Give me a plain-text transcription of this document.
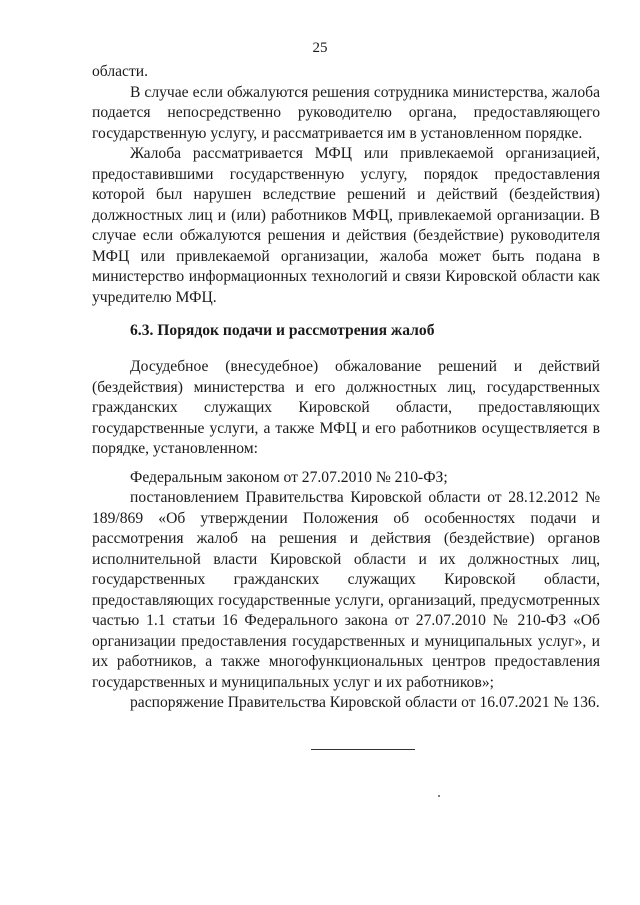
25

области.

В случае если обжалуются решения сотрудника министерства, жалоба подается непосредственно руководителю органа, предоставляющего государственную услугу, и рассматривается им в установленном порядке.

Жалоба рассматривается МФЦ или привлекаемой организацией, предоставившими государственную услугу, порядок предоставления которой был нарушен вследствие решений и действий (бездействия) должностных лиц и (или) работников МФЦ, привлекаемой организации. В случае если обжалуются решения и действия (бездействие) руководителя МФЦ или привлекаемой организации, жалоба может быть подана в министерство информационных технологий и связи Кировской области как учредителю МФЦ.

6.3. Порядок подачи и рассмотрения жалоб

Досудебное (внесудебное) обжалование решений и действий (бездействия) министерства и его должностных лиц, государственных гражданских служащих Кировской области, предоставляющих государственные услуги, а также МФЦ и его работников осуществляется в порядке, установленном:

Федеральным законом от 27.07.2010 № 210-ФЗ;

постановлением Правительства Кировской области от 28.12.2012 № 189/869 «Об утверждении Положения об особенностях подачи и рассмотрения жалоб на решения и действия (бездействие) органов исполнительной власти Кировской области и их должностных лиц, государственных гражданских служащих Кировской области, предоставляющих государственные услуги, организаций, предусмотренных частью 1.1 статьи 16 Федерального закона от 27.07.2010 № 210-ФЗ «Об организации предоставления государственных и муниципальных услуг», и их работников, а также многофункциональных центров предоставления государственных и муниципальных услуг и их работников»;

распоряжение Правительства Кировской области от 16.07.2021 № 136.
